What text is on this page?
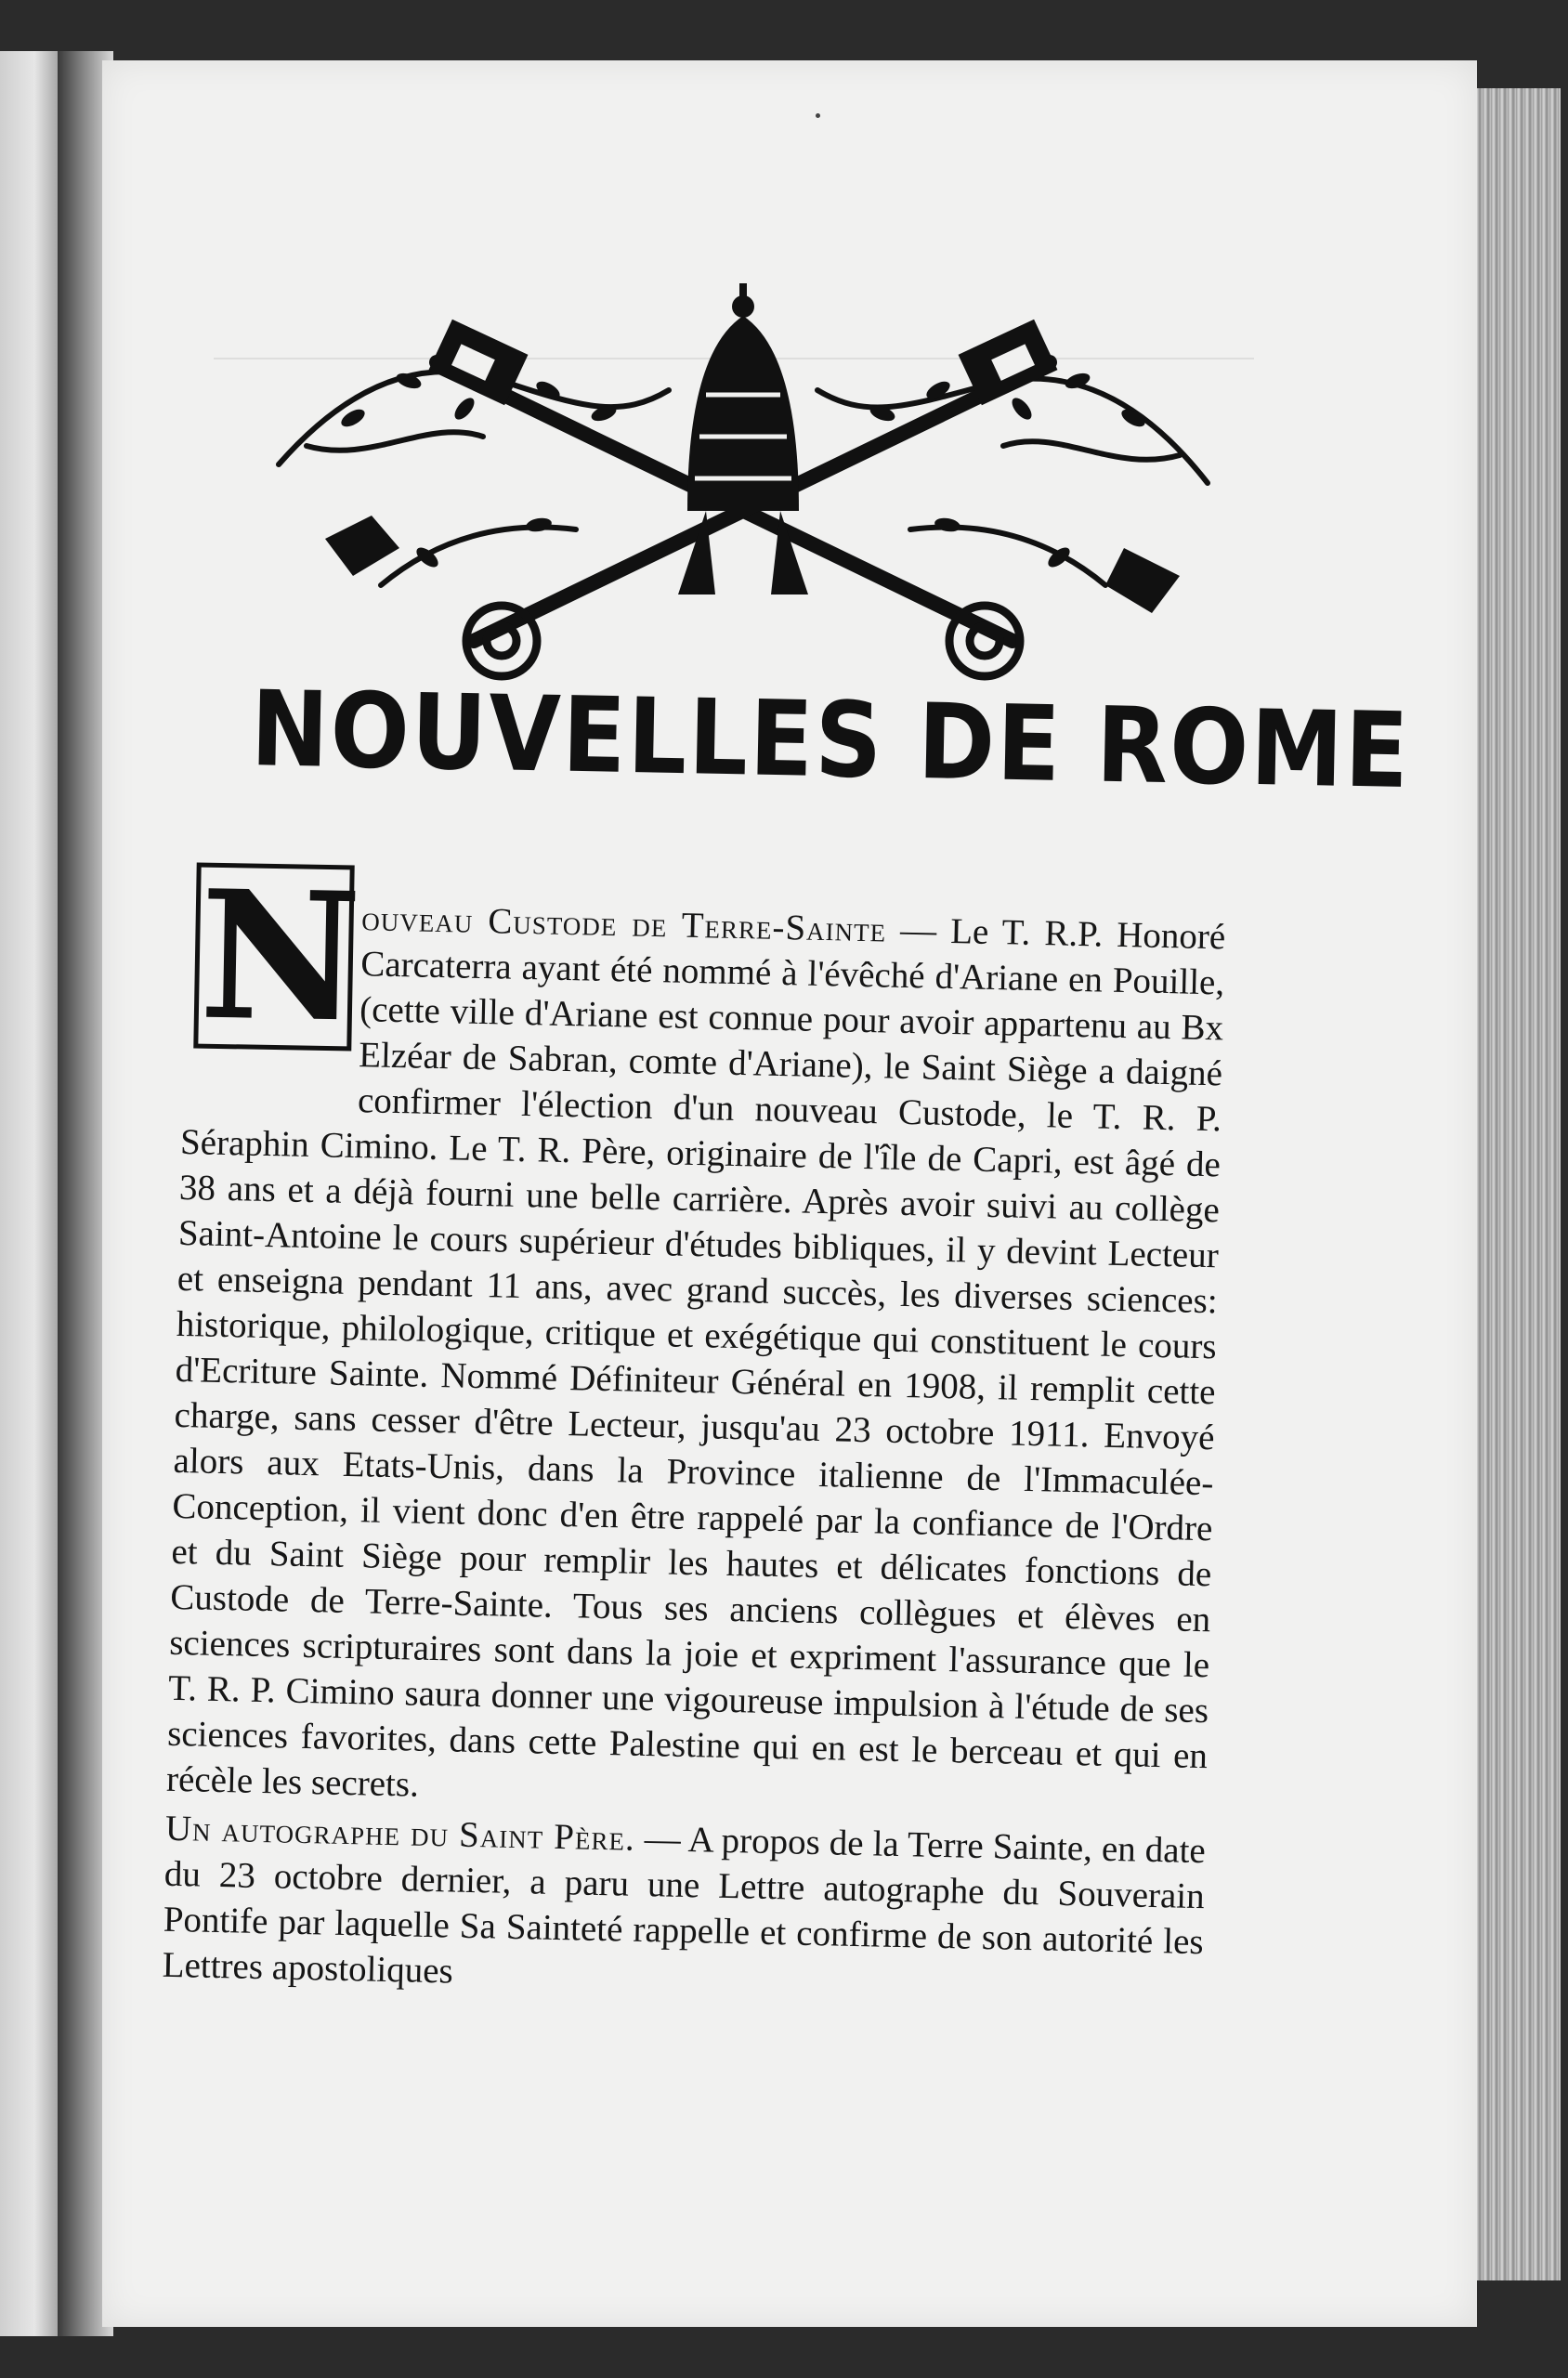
NOUVELLES DE ROME
N

ouveau Custode de Terre-Sainte — Le T. R.P. Honoré Carcaterra ayant été nommé à l'évêché d'Ariane en Pouille, (cette ville d'Ariane est connue pour avoir appartenu au Bx Elzéar de Sabran, comte d'Ariane), le Saint Siège a daigné confirmer l'élection d'un nouveau Custode, le T. R. P. Séraphin Cimino. Le T. R. Père, originaire de l'île de Capri, est âgé de 38 ans et a déjà fourni une belle carrière. Après avoir suivi au collège Saint-Antoine le cours supérieur d'études bibliques, il y devint Lecteur et enseigna pendant 11 ans, avec grand succès, les diverses sciences: historique, philologique, critique et exégétique qui constituent le cours d'Ecriture Sainte. Nommé Définiteur Général en 1908, il remplit cette charge, sans cesser d'être Lecteur, jusqu'au 23 octobre 1911. Envoyé alors aux Etats-Unis, dans la Province italienne de l'Immaculée-Conception, il vient donc d'en être rappelé par la confiance de l'Ordre et du Saint Siège pour remplir les hautes et délicates fonctions de Custode de Terre-Sainte. Tous ses anciens collègues et élèves en sciences scripturaires sont dans la joie et expriment l'assurance que le T. R. P. Cimino saura donner une vigoureuse impulsion à l'étude de ses sciences favorites, dans cette Palestine qui en est le berceau et qui en récèle les secrets.

Un autographe du Saint Père. — A propos de la Terre Sainte, en date du 23 octobre dernier, a paru une Lettre autographe du Souverain Pontife par laquelle Sa Sainteté rappelle et confirme de son autorité les Lettres apostoliques
